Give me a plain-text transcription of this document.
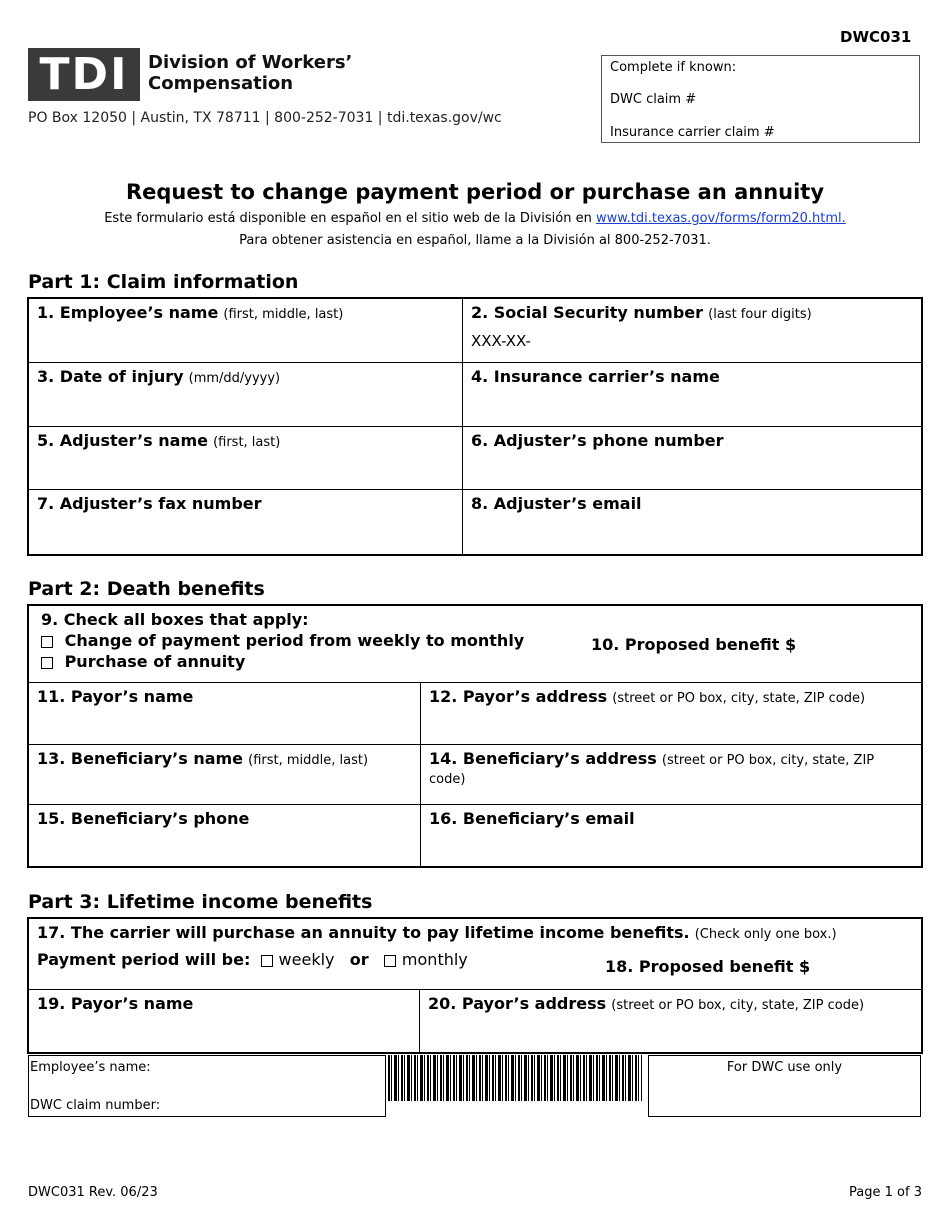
DWC031
TDI	Division of Workers’
Compensation
PO Box 12050 | Austin, TX 78711 | 800-252-7031 | tdi.texas.gov/wc
Complete if known:
DWC claim #
Insurance carrier claim #
Request to change payment period or purchase an annuity
Este formulario está disponible en español en el sitio web de la División en www.tdi.texas.gov/forms/form20.html.
Para obtener asistencia en español, llame a la División al 800-252-7031.
Part 1: Claim information
1. Employee’s name (first, middle, last)	2. Social Security number (last four digits)
XXX-XX-

3. Date of injury (mm/dd/yyyy)	4. Insurance carrier’s name
5. Adjuster’s name (first, last)	6. Adjuster’s phone number
7. Adjuster’s fax number	8. Adjuster’s email
Part 2: Death benefits
9. Check all boxes that apply:
Change of payment period from weekly to monthly
Purchase of annuity
10. Proposed benefit $	

11. Payor’s name	12. Payor’s address (street or PO box, city, state, ZIP code)
13. Beneficiary’s name (first, middle, last)	14. Beneficiary’s address (street or PO box, city, state, ZIP code)
15. Beneficiary’s phone	16. Beneficiary’s email
Part 3: Lifetime income benefits
17. The carrier will purchase an annuity to pay lifetime income benefits. (Check only one box.)
Payment period will be: weekly or monthly	18. Proposed benefit $

19. Payor’s name	20. Payor’s address (street or PO box, city, state, ZIP code)
Employee’s name:
DWC claim number:
For DWC use only
DWC031 Rev. 06/23	Page 1 of 3
